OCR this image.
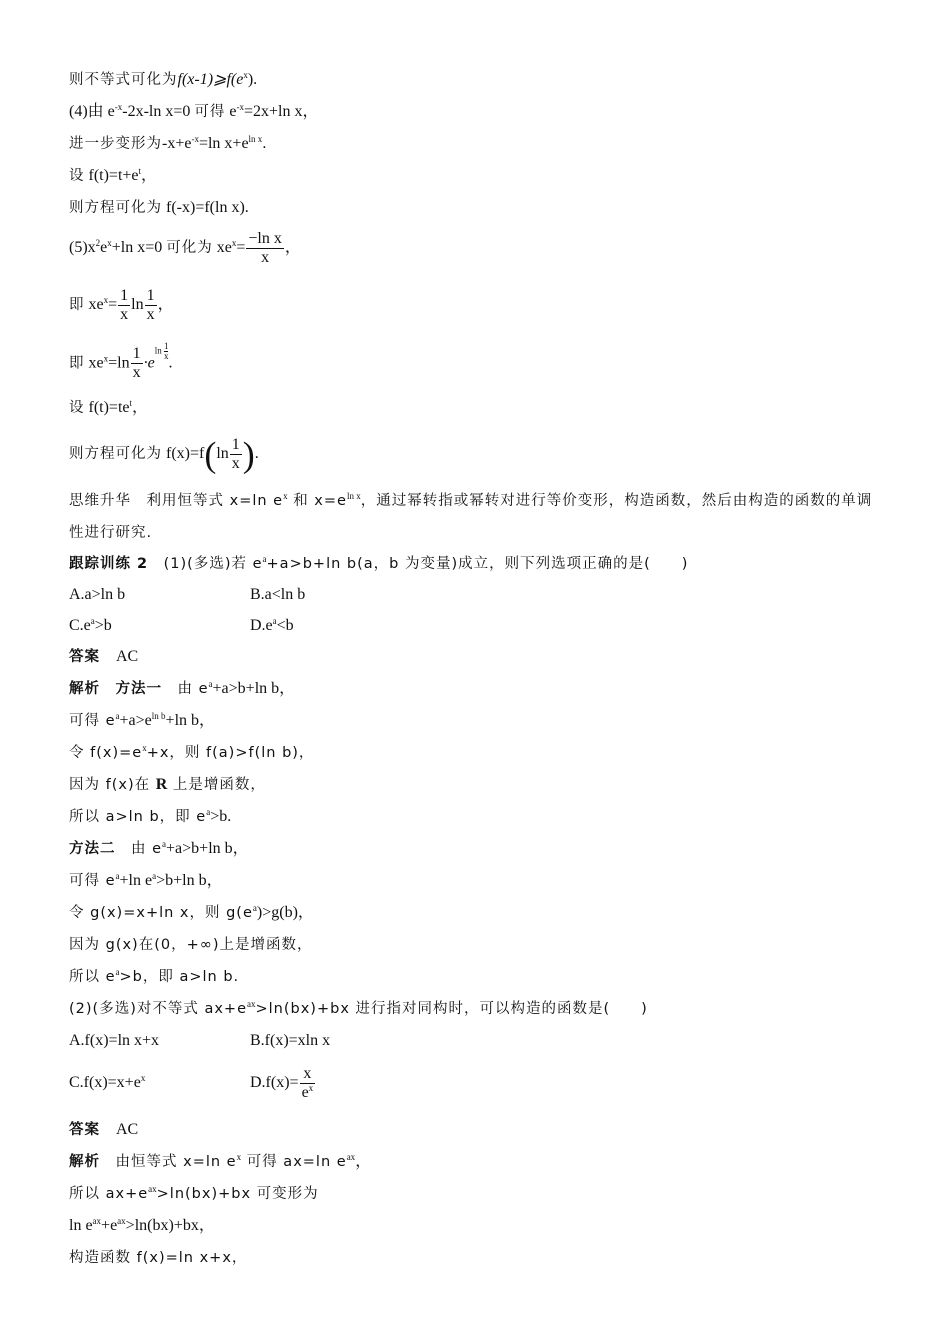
则不等式可化为$f(x-1)⩾f(e^x)$.
(4)由 $e^{-x}-2x-\ln$ x=0 可得 $e^{-x}=2x+\ln$ x，
进一步变形为$-x+e^{-x}=\ln$ $x+e^{ln x}$.
设 $f(t)=t+e^t$，
则方程可化为 f(-x)=f(ln x).
$(5)x^2e^x+\ln$ x=0 可化为 $xe^x= \frac{\text{−ln x}}{x}$ ，
即 $xe^x= \frac{1}{x}$ $\ln \frac{1}{x}$ ，
即 $xe^x=\ln \frac{1}{x} \cdot eln \frac{1}{x}$
.
设 $f(t)=te^t$，
则方程可化为 $f(x)=f(\ln \frac{1}{x}$ ).
思维升华　利用恒等式 x=ln $e^x$ 和 $x=e^{ln x}$，通过幂转指或幂转对进行等价变形，构造函数，然后由构造的函数的单调性进行研究.
跟踪训练 2　(1)(多选)若 $e^a+a>b+\ln$ b(a，b 为变量)成立，则下列选项正确的是(　　)
A.a>ln b	B.a<ln b
$C.e^a>b$	$D.e^a<b$
答案　AC
解析　方法一　由 $e^a+a>b+\ln$ b，
可得 $e^a+a>e^{ln b}+\ln$ b，
令 $f(x)=e^x+x$，则 f(a)>f(ln b)，
因为 f(x)在 R 上是增函数，
所以 a>ln b，即 $e^a>b$.
方法二　由 $e^a+a>b+\ln$ b，
可得 $e^a+\ln$ $e^a>b+\ln$ b，
令 g(x)=x+ln x，则 $g(e^a)>g(b)$，
因为 g(x)在(0，+∞)上是增函数，
所以 $e^a>b$，即 a>ln b.
(2)(多选)对不等式 $ax+e^{ax}>\ln(bx)+bx$ 进行指对同构时，可以构造的函数是(　　)
A.f(x)=ln x+x	B.f(x)=xln x
$C.f(x)=x+e^x$	$D.f(x)= \frac{x}{e^x}$
答案　AC
解析　由恒等式 x=ln $e^x$ 可得 ax=ln $e^{ax}$，
所以 $ax+e^{ax}>\ln(bx)+bx$ 可变形为
$\ln e^{ax}+e^{ax}>\ln(bx)+bx$，
构造函数 f(x)=ln x+x，
